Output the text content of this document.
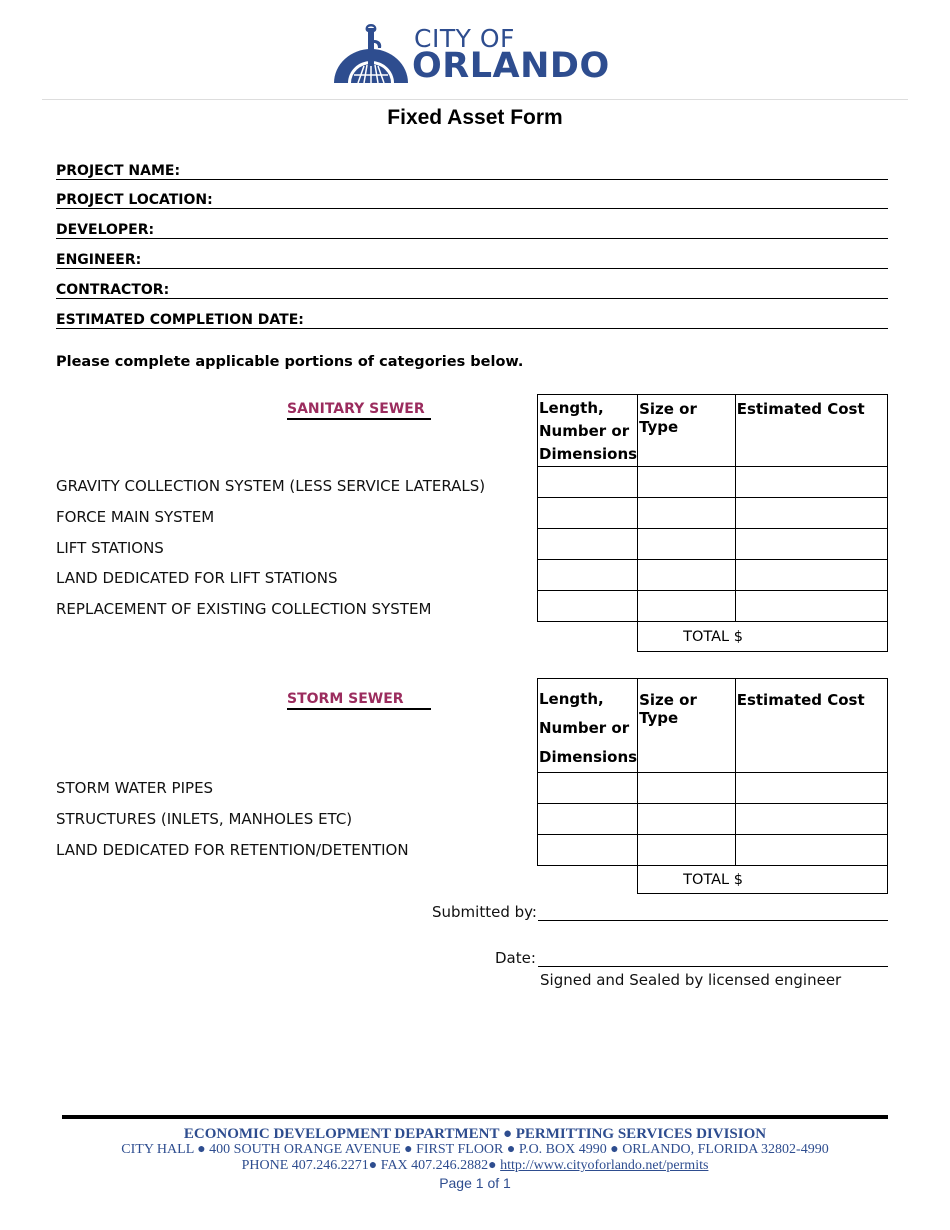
CITY OF
ORLANDO
Fixed Asset Form
PROJECT NAME:
PROJECT LOCATION:
DEVELOPER:
ENGINEER:
CONTRACTOR:
ESTIMATED COMPLETION DATE:
Please complete applicable portions of categories below.
SANITARY SEWER
GRAVITY COLLECTION SYSTEM (LESS SERVICE LATERALS)
FORCE MAIN SYSTEM
LIFT STATIONS
LAND DEDICATED FOR LIFT STATIONS
REPLACEMENT OF EXISTING COLLECTION SYSTEM
Length,
Number or
Dimensions	Size or Type	Estimated Cost

	TOTAL $	
STORM SEWER
STORM WATER PIPES
STRUCTURES (INLETS, MANHOLES ETC)
LAND DEDICATED FOR RETENTION/DETENTION
Length,
Number or
Dimensions	Size or Type	Estimated Cost

	TOTAL $	
Submitted by:
Date:
Signed and Sealed by licensed engineer
ECONOMIC DEVELOPMENT DEPARTMENT ● PERMITTING SERVICES DIVISION
CITY HALL ● 400 SOUTH ORANGE AVENUE ● FIRST FLOOR ● P.O. BOX 4990 ● ORLANDO, FLORIDA 32802-4990
PHONE 407.246.2271● FAX 407.246.2882● http://www.cityoforlando.net/permits
Page 1 of 1
